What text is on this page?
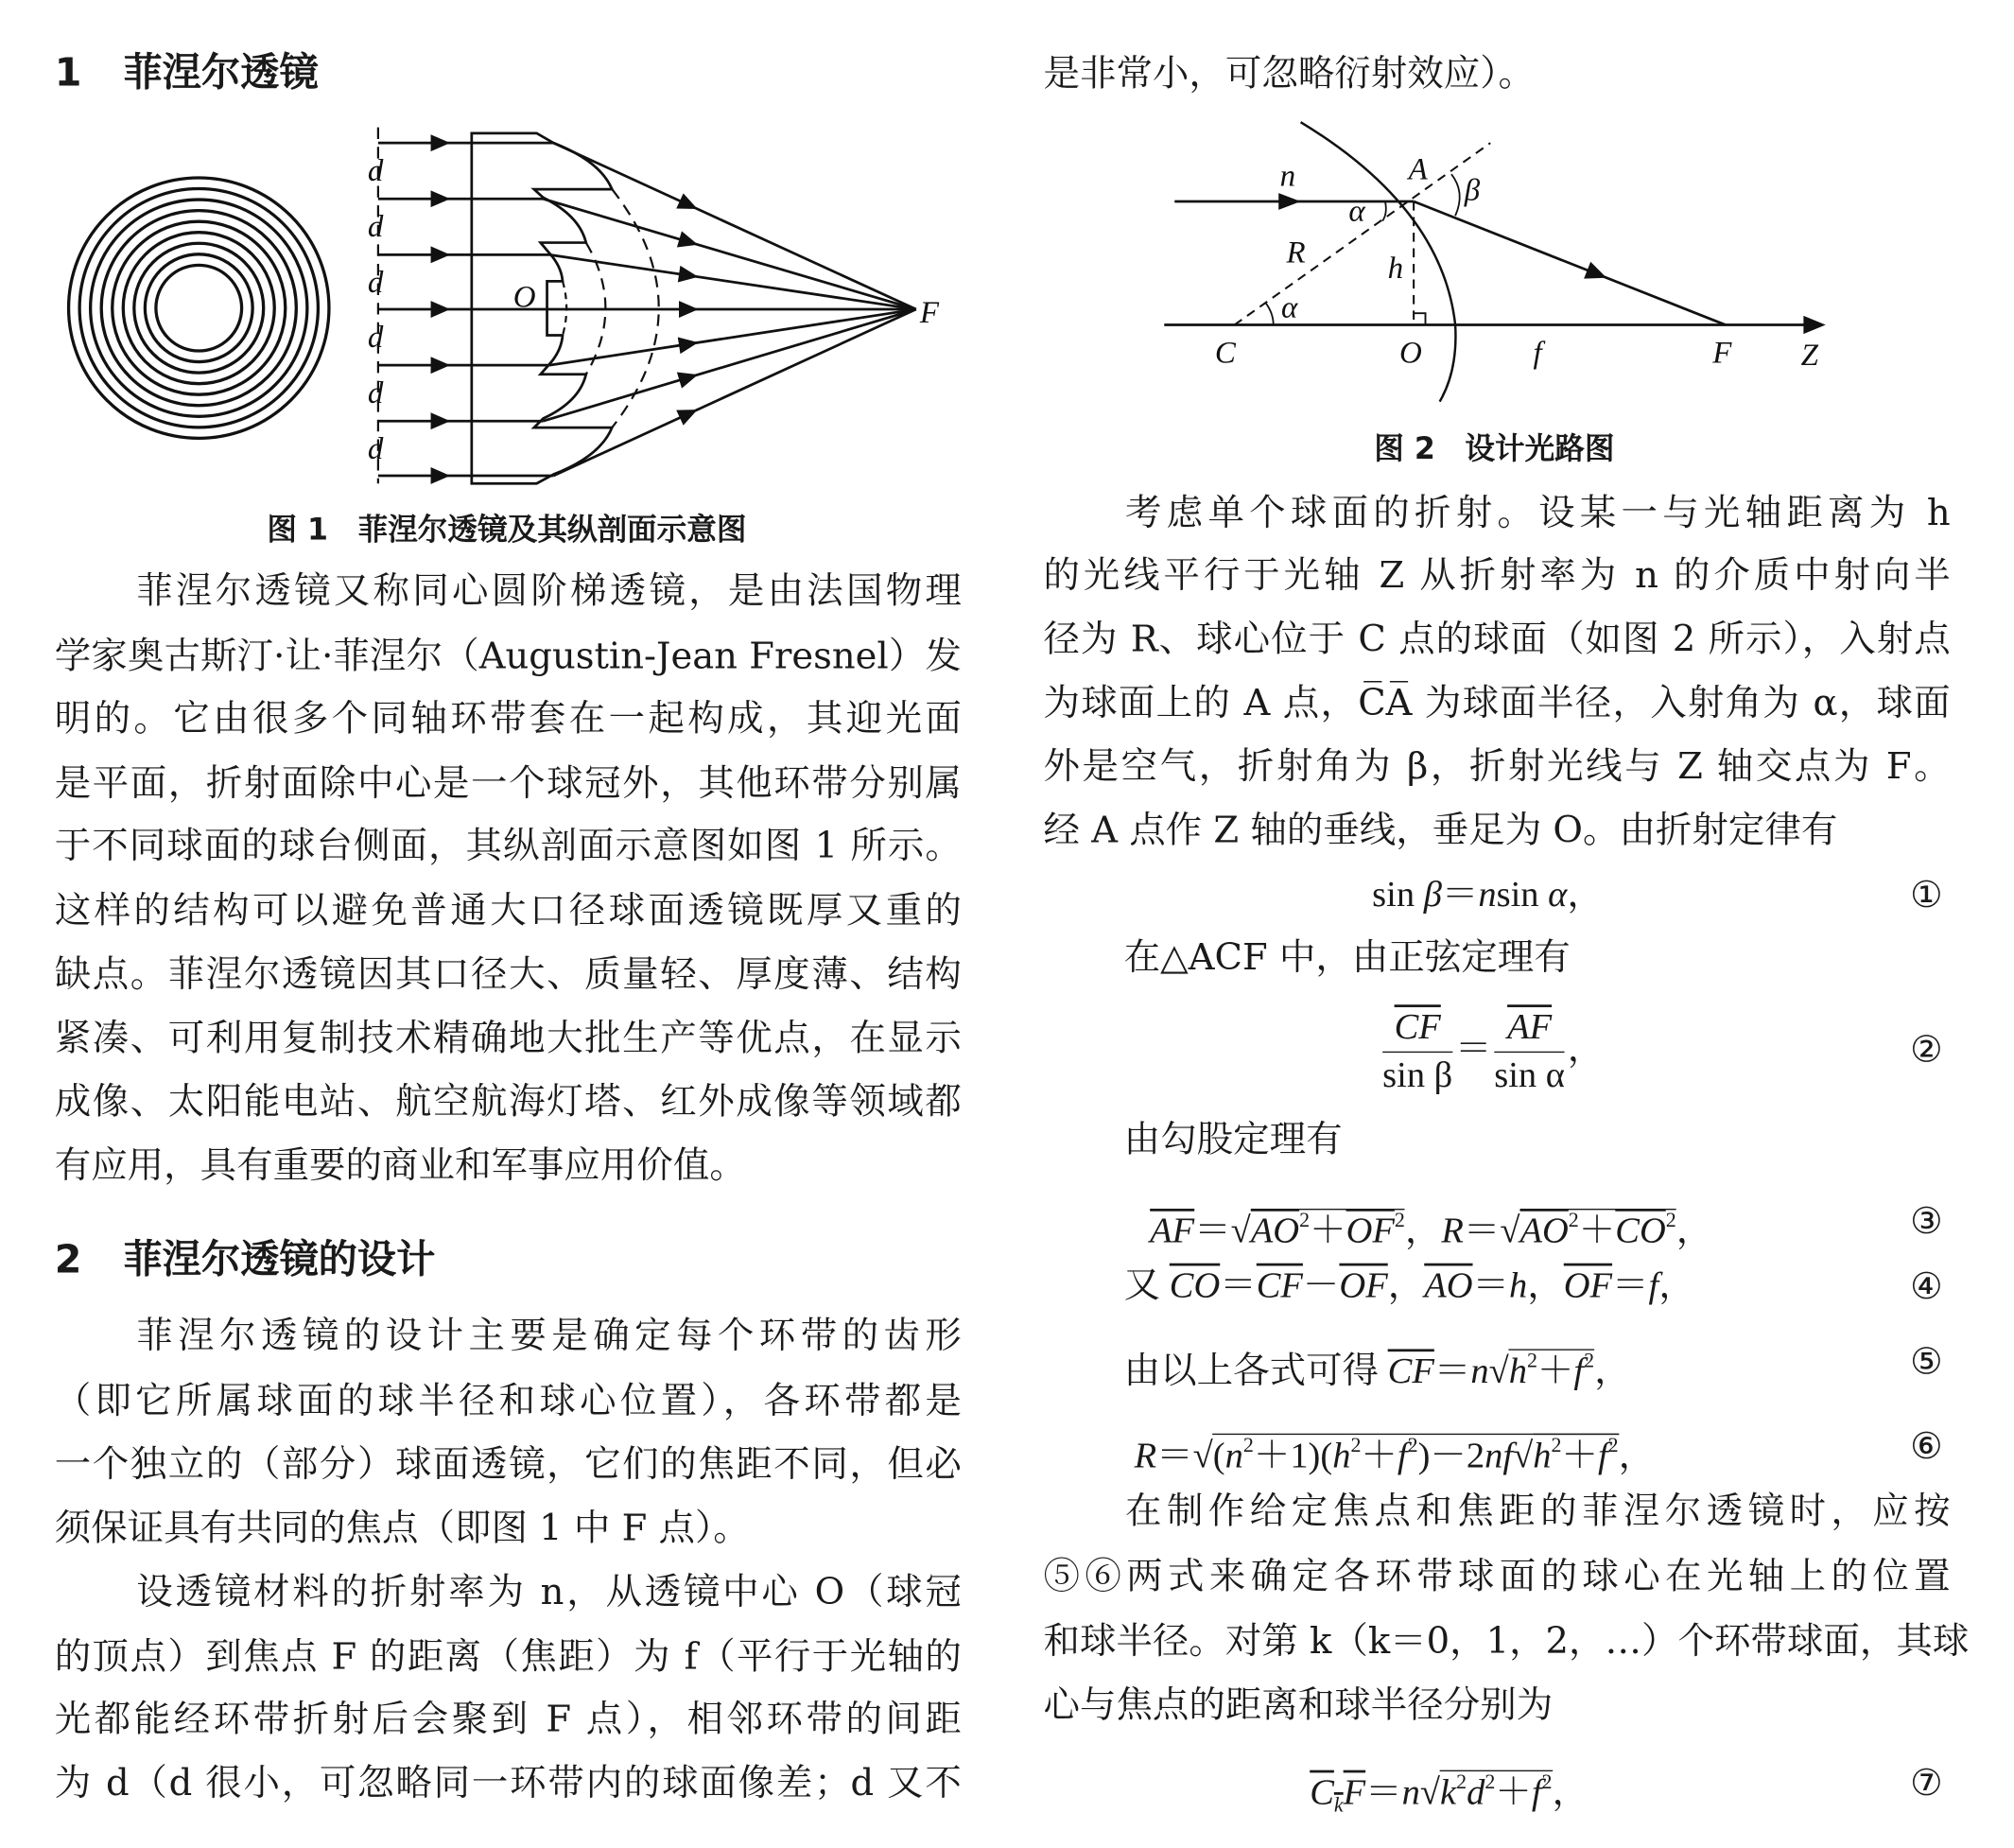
1 菲涅尔透镜
d
d
d
d
d
d
O	F
n	A
β
α
R	h
α
C	O	f	F	Z
图 1　菲涅尔透镜及其纵剖面示意图
2 菲涅尔透镜的设计
是非常小，可忽略衍射效应）。
图 2　设计光路图
在△ACF 中，由正弦定理有
由勾股定理有
sin β＝nsin α，	①
$\frac{\overline{CF}}{\text{sin β}} = \frac{\overline{AF}}{\text{sin α}}$ ，	②
$\overline{AF}=√AO^2+\overline{OF}^2$，$R=√AO^2+\overline{CO}^2$，	③
又 $\overline{CO}=\overline{CF}-\overline{OF}$，$\overline{AO}=h$，$\overline{OF}=f$，	④
由以上各式可得 $\overline{CF}=n√h^2+f^2$，	⑤
$R=√(n^2+1)(h^2+f^2)-2nf√h^2+f^2$，	⑥
$C_kF=n√k^2d^2+f^2$，	⑦
菲涅尔透镜又称同心圆阶梯透镜，是由法国物理
学家奥古斯汀·让·菲涅尔（Augustin-Jean Fresnel）发
明的。它由很多个同轴环带套在一起构成，其迎光面
是平面，折射面除中心是一个球冠外，其他环带分别属
于不同球面的球台侧面，其纵剖面示意图如图 1 所示。
这样的结构可以避免普通大口径球面透镜既厚又重的
缺点。菲涅尔透镜因其口径大、质量轻、厚度薄、结构
紧凑、可利用复制技术精确地大批生产等优点，在显示
成像、太阳能电站、航空航海灯塔、红外成像等领域都
有应用，具有重要的商业和军事应用价值。
菲涅尔透镜的设计主要是确定每个环带的齿形
（即它所属球面的球半径和球心位置），各环带都是
一个独立的（部分）球面透镜，它们的焦距不同，但必
须保证具有共同的焦点（即图 1 中 F 点）。
设透镜材料的折射率为 n，从透镜中心 O（球冠
的顶点）到焦点 F 的距离（焦距）为 f（平行于光轴的
光都能经环带折射后会聚到 F 点），相邻环带的间距
为 d（d 很小，可忽略同一环带内的球面像差；d 又不
考虑单个球面的折射。设某一与光轴距离为 h
的光线平行于光轴 Z 从折射率为 n 的介质中射向半
径为 R、球心位于 C 点的球面（如图 2 所示），入射点
为球面上的 A 点，C̅A̅ 为球面半径，入射角为 α，球面
外是空气，折射角为 β，折射光线与 Z 轴交点为 F。
经 A 点作 Z 轴的垂线，垂足为 O。由折射定律有
在制作给定焦点和焦距的菲涅尔透镜时，应按
⑤⑥两式来确定各环带球面的球心在光轴上的位置
和球半径。对第 k（k＝0，1，2，…）个环带球面，其球
心与焦点的距离和球半径分别为
